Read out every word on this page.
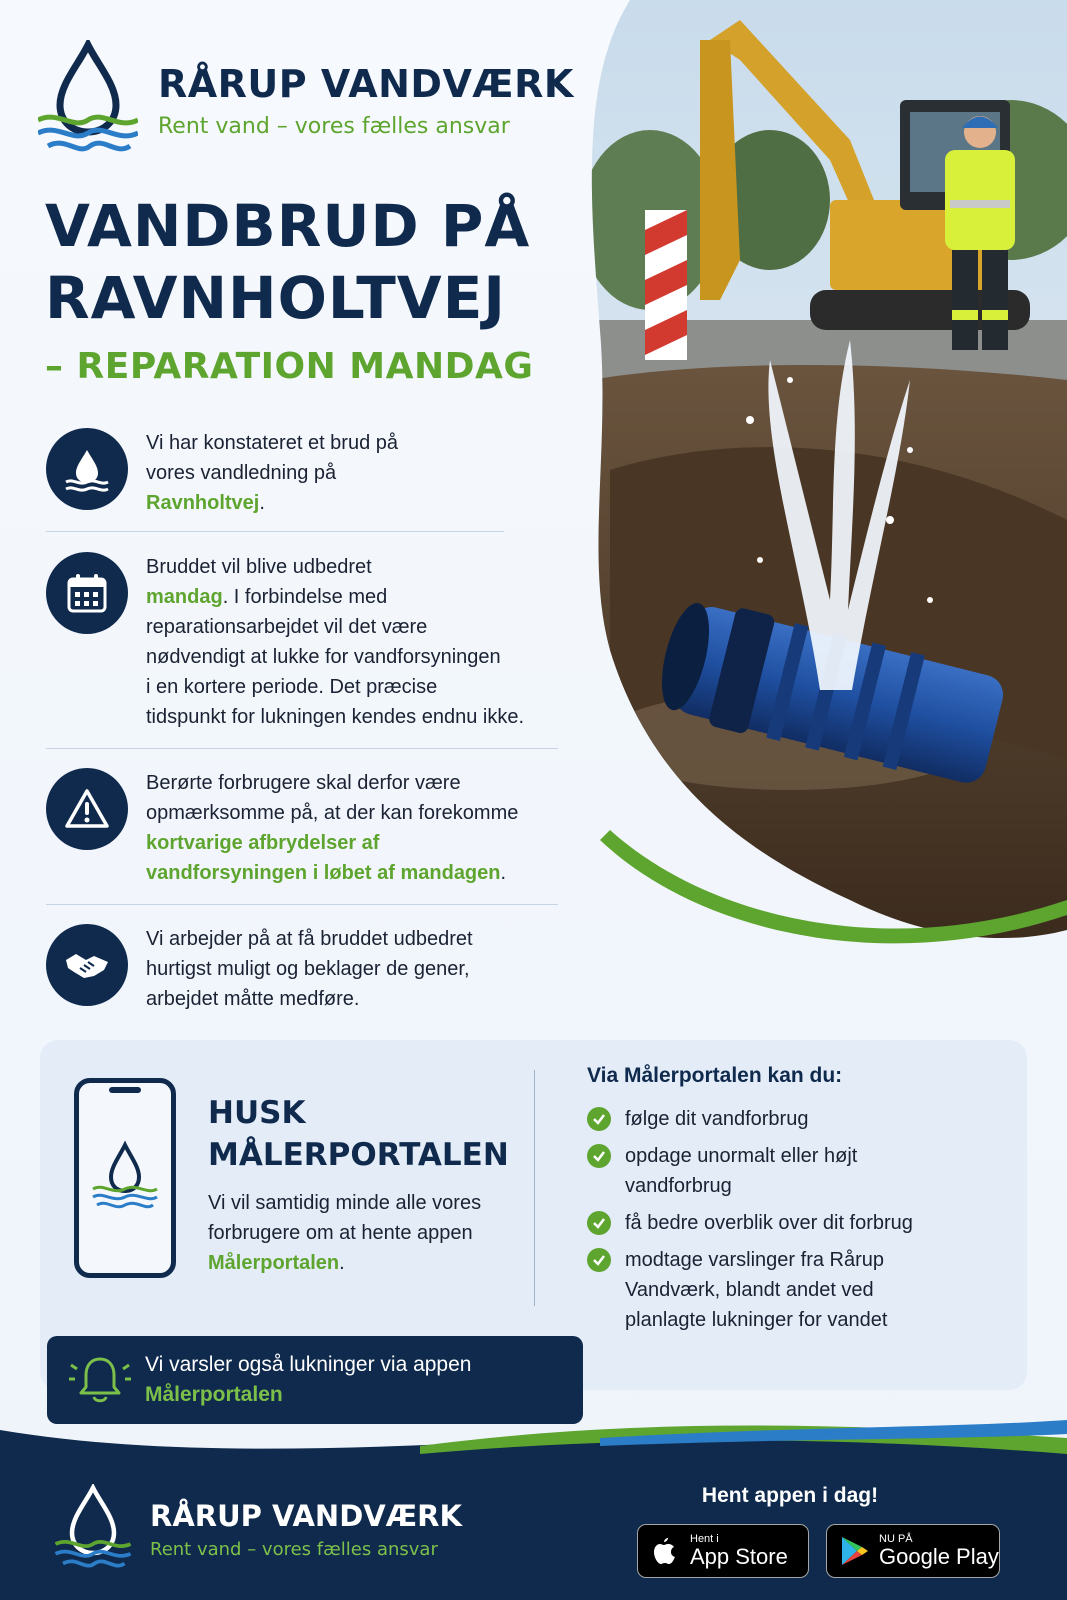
RÅRUP VANDVÆRK
Rent vand – vores fælles ansvar
VANDBRUD PÅ
RAVNHOLTVEJ
– REPARATION MANDAG
Vi har konstateret et brud på
vores vandledning på
Ravnholtvej.
Bruddet vil blive udbedret
mandag. I forbindelse med
reparationsarbejdet vil det være
nødvendigt at lukke for vandforsyningen
i en kortere periode. Det præcise
tidspunkt for lukningen kendes endnu ikke.
Berørte forbrugere skal derfor være
opmærksomme på, at der kan forekomme
kortvarige afbrydelser af
vandforsyningen i løbet af mandagen.
Vi arbejder på at få bruddet udbedret
hurtigst muligt og beklager de gener,
arbejdet måtte medføre.
HUSK
MÅLERPORTALEN
Vi vil samtidig minde alle vores
forbrugere om at hente appen
Målerportalen.
Via Målerportalen kan du:
følge dit vandforbrug
opdage unormalt eller højt
vandforbrug
få bedre overblik over dit forbrug
modtage varslinger fra Rårup
Vandværk, blandt andet ved
planlagte lukninger for vandet
Vi varsler også lukninger via appen
Målerportalen
RÅRUP VANDVÆRK
Rent vand – vores fælles ansvar
Hent appen i dag!
Hent i
App Store
NU PÅ
Google Play
